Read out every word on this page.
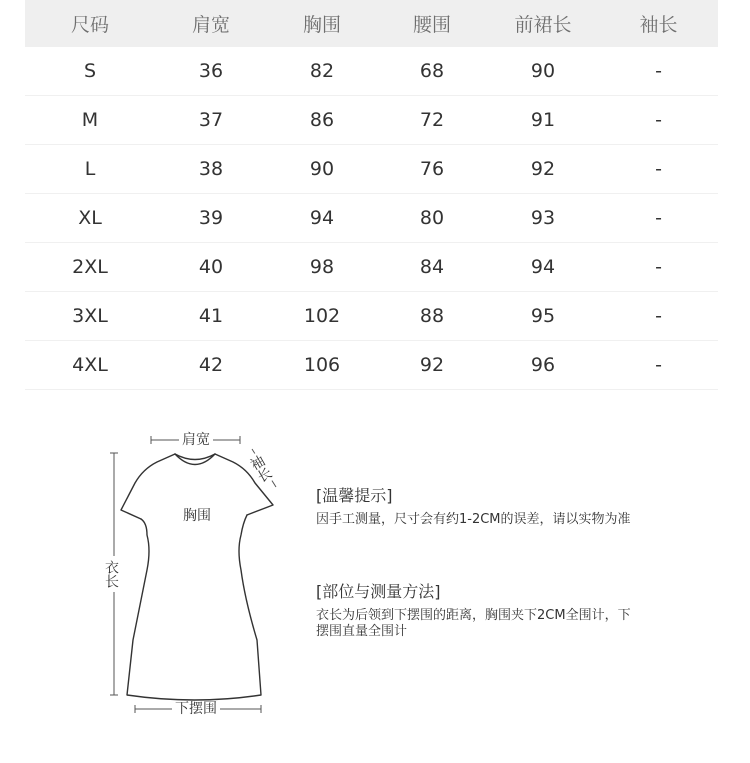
尺码	肩宽	胸围	腰围	前裙长	袖长
S	36	82	68	90	-
M	37	86	72	91	-
L	38	90	76	92	-
XL	39	94	80	93	-
2XL	40	98	84	94	-
3XL	41	102	88	95	-
4XL	42	106	92	96	-
肩宽
袖长
胸围
衣长
下摆围

[温馨提示]

因手工测量，尺寸会有约1-2CM的误差，请以实物为准

[部位与测量方法]

衣长为后领到下摆围的距离，胸围夹下2CM全围计，下摆围直量全围计
